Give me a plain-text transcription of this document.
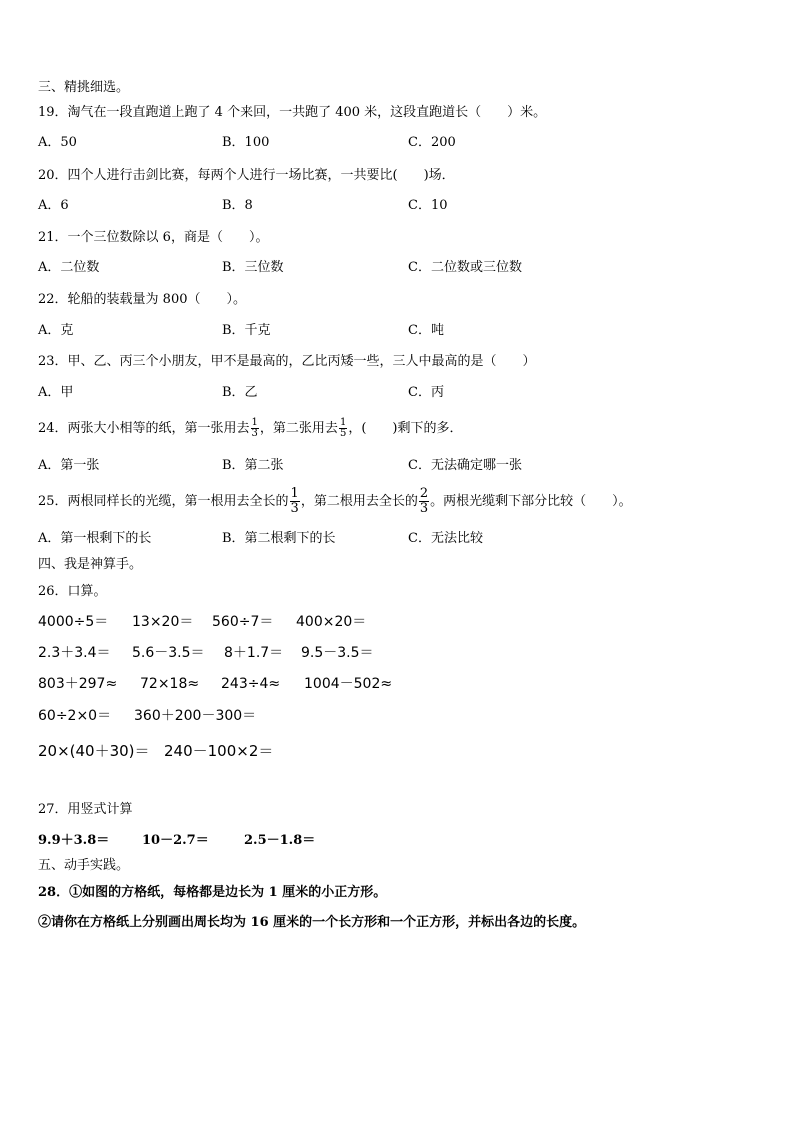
三、精挑细选。
19．淘气在一段直跑道上跑了 4 个来回，一共跑了 400 米，这段直跑道长（　　）米。
A．50	B．100	C．200
20．四个人进行击剑比赛，每两个人进行一场比赛，一共要比(　　)场．
A．6	B．8	C．10
21．一个三位数除以 6，商是（　　）。
A．二位数	B．三位数	C．二位数或三位数
22．轮船的装载量为 800（　　）。
A．克	B．千克	C．吨
23．甲、乙、丙三个小朋友，甲不是最高的，乙比丙矮一些，三人中最高的是（　　）
A．甲	B．乙	C．丙
24．两张大小相等的纸，第一张用去 $\frac{1}{3}$ ，第二张用去 $\frac{1}{5}$ ，(　　)剩下的多．
A．第一张	B．第二张	C．无法确定哪一张
25．两根同样长的光缆，第一根用去全长的 $\frac{1}{3}$ ，第二根用去全长的 $\frac{2}{3}$ 。两根光缆剩下部分比较（　　）。
A．第一根剩下的长	B．第二根剩下的长	C．无法比较
四、我是神算手。
26．口算。
4000÷5＝ 13×20＝ 560÷7＝ 400×20＝
2.3＋3.4＝ 5.6－3.5＝ 8＋1.7＝ 9.5－3.5＝
803＋297≈ 72×18≈ 243÷4≈ 1004－502≈
60÷2×0＝ 360＋200－300＝
20×(40＋30)＝ 240－100×2＝
27．用竖式计算
9.9＋3.8＝	10－2.7＝	2.5－1.8＝
五、动手实践。
28．①如图的方格纸，每格都是边长为 1 厘米的小正方形。
②请你在方格纸上分别画出周长均为 16 厘米的一个长方形和一个正方形，并标出各边的长度。
